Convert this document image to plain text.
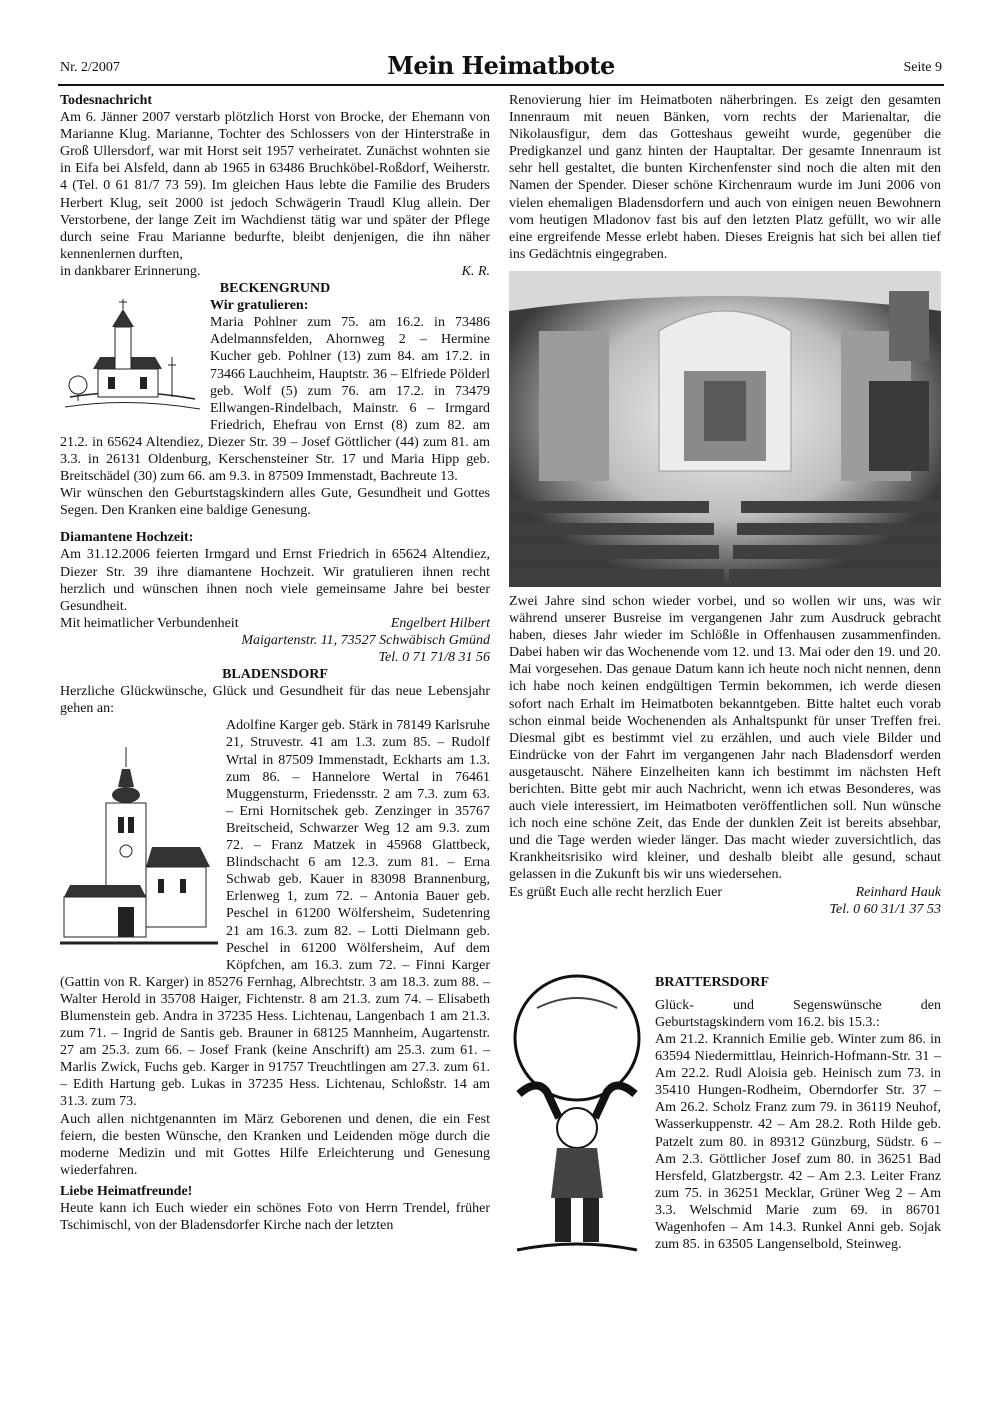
Nr. 2/2007	Mein Heimatbote	Seite 9

Todesnachricht

Am 6. Jänner 2007 verstarb plötzlich Horst von Brocke, der Ehemann von Marianne Klug. Marianne, Tochter des Schlossers von der Hinterstraße in Groß Ullersdorf, war mit Horst seit 1957 verheiratet. Zunächst wohnten sie in Eifa bei Alsfeld, dann ab 1965 in 63486 Bruchköbel-Roßdorf, Weiherstr. 4 (Tel. 0 61 81/7 73 59). Im gleichen Haus lebte die Familie des Bruders Herbert Klug, seit 2000 ist jedoch Schwägerin Traudl Klug allein. Der Verstorbene, der lange Zeit im Wachdienst tätig war und später der Pflege durch seine Frau Marianne bedurfte, bleibt denjenigen, die ihn näher kennenlernen durften,

in dankbarer Erinnerung.	K. R.

BECKENGRUND

Wir gratulieren:

Maria Pohlner zum 75. am 16.2. in 73486 Adelmannsfelden, Ahornweg 2 – Hermine Kucher geb. Pohlner (13) zum 84. am 17.2. in 73466 Lauchheim, Hauptstr. 36 – Elfriede Pölderl geb. Wolf (5) zum 76. am 17.2. in 73479 Ellwangen-Rindelbach, Mainstr. 6 – Irmgard Friedrich, Ehefrau von Ernst (8) zum 82. am 21.2. in 65624 Altendiez, Diezer Str. 39 – Josef Göttlicher (44) zum 81. am 3.3. in 26131 Oldenburg, Kerschensteiner Str. 17 und Maria Hipp geb. Breitschädel (30) zum 66. am 9.3. in 87509 Immenstadt, Bachreute 13.

Wir wünschen den Geburtstagskindern alles Gute, Gesundheit und Gottes Segen. Den Kranken eine baldige Genesung.

Diamantene Hochzeit:

Am 31.12.2006 feierten Irmgard und Ernst Friedrich in 65624 Altendiez, Diezer Str. 39 ihre diamantene Hochzeit. Wir gratulieren ihnen recht herzlich und wünschen ihnen noch viele gemeinsame Jahre bei bester Gesundheit.

Mit heimatlicher Verbundenheit	Engelbert Hilbert

Maigartenstr. 11, 73527 Schwäbisch Gmünd

Tel. 0 71 71/8 31 56

BLADENSDORF

Herzliche Glückwünsche, Glück und Gesundheit für das neue Lebensjahr gehen an:

Adolfine Karger geb. Stärk in 78149 Karlsruhe 21, Struvestr. 41 am 1.3. zum 85. – Rudolf Wrtal in 87509 Immenstadt, Eckharts am 1.3. zum 86. – Hannelore Wertal in 76461 Muggensturm, Friedensstr. 2 am 7.3. zum 63. – Erni Hornitschek geb. Zenzinger in 35767 Breitscheid, Schwarzer Weg 12 am 9.3. zum 72. – Franz Matzek in 45968 Glattbeck, Blindschacht 6 am 12.3. zum 81. – Erna Schwab geb. Kauer in 83098 Brannenburg, Erlenweg 1, zum 72. – Antonia Bauer geb. Peschel in 61200 Wölfersheim, Sudetenring 21 am 16.3. zum 82. – Lotti Dielmann geb. Peschel in 61200 Wölfersheim, Auf dem Köpfchen, am 16.3. zum 72. – Finni Karger (Gattin von R. Karger) in 85276 Fernhag, Albrechtstr. 3 am 18.3. zum 88. – Walter Herold in 35708 Haiger, Fichtenstr. 8 am 21.3. zum 74. – Elisabeth Blumenstein geb. Andra in 37235 Hess. Lichtenau, Langenbach 1 am 21.3. zum 71. – Ingrid de Santis geb. Brauner in 68125 Mannheim, Augartenstr. 27 am 25.3. zum 66. – Josef Frank (keine Anschrift) am 25.3. zum 61. – Marlis Zwick, Fuchs geb. Karger in 91757 Treuchtlingen am 27.3. zum 61. – Edith Hartung geb. Lukas in 37235 Hess. Lichtenau, Schloßstr. 14 am 31.3. zum 73.

Auch allen nichtgenannten im März Geborenen und denen, die ein Fest feiern, die besten Wünsche, den Kranken und Leidenden möge durch die moderne Medizin und mit Gottes Hilfe Erleichterung und Genesung wiederfahren.

Liebe Heimatfreunde!

Heute kann ich Euch wieder ein schönes Foto von Herrn Trendel, früher Tschimischl, von der Bladensdorfer Kirche nach der letzten

Renovierung hier im Heimatboten näherbringen. Es zeigt den gesamten Innenraum mit neuen Bänken, vorn rechts der Marienaltar, die Nikolausfigur, dem das Gotteshaus geweiht wurde, gegenüber die Predigkanzel und ganz hinten der Hauptaltar. Der gesamte Innenraum ist sehr hell gestaltet, die bunten Kirchenfenster sind noch die alten mit den Namen der Spender. Dieser schöne Kirchenraum wurde im Juni 2006 von vielen ehemaligen Bladensdorfern und auch von einigen neuen Bewohnern vom heutigen Mladonov fast bis auf den letzten Platz gefüllt, wo wir alle eine ergreifende Messe erlebt haben. Dieses Ereignis hat sich bei allen tief ins Gedächtnis eingegraben.

Zwei Jahre sind schon wieder vorbei, und so wollen wir uns, was wir während unserer Busreise im vergangenen Jahr zum Ausdruck gebracht haben, dieses Jahr wieder im Schlößle in Offenhausen zusammenfinden. Dabei haben wir das Wochenende vom 12. und 13. Mai oder den 19. und 20. Mai vorgesehen. Das genaue Datum kann ich heute noch nicht nennen, denn ich habe noch keinen endgültigen Termin bekommen, ich werde diesen sofort nach Erhalt im Heimatboten bekanntgeben. Bitte haltet euch vorab schon einmal beide Wochenenden als Anhaltspunkt für unser Treffen frei. Diesmal gibt es bestimmt viel zu erzählen, und auch viele Bilder und Eindrücke von der Fahrt im vergangenen Jahr nach Bladensdorf werden ausgetauscht. Nähere Einzelheiten kann ich bestimmt im nächsten Heft berichten. Bitte gebt mir auch Nachricht, wenn ich etwas Besonderes, was auch viele interessiert, im Heimatboten veröffentlichen soll. Nun wünsche ich noch eine schöne Zeit, das Ende der dunklen Zeit ist bereits absehbar, und die Tage werden wieder länger. Das macht wieder zuversichtlich, das Krankheitsrisiko wird kleiner, und deshalb bleibt alle gesund, schaut gelassen in die Zukunft bis wir uns wiedersehen.

Es grüßt Euch alle recht herzlich Euer	Reinhard Hauk

Tel. 0 60 31/1 37 53

BRATTERSDORF

Glück- und Segenswünsche den Geburtstagskindern vom 16.2. bis 15.3.:

Am 21.2. Krannich Emilie geb. Winter zum 86. in 63594 Niedermittlau, Heinrich-Hofmann-Str. 31 – Am 22.2. Rudl Aloisia geb. Heinisch zum 73. in 35410 Hungen-Rodheim, Oberndorfer Str. 37 – Am 26.2. Scholz Franz zum 79. in 36119 Neuhof, Wasserkuppenstr. 42 – Am 28.2. Roth Hilde geb. Patzelt zum 80. in 89312 Günzburg, Südstr. 6 – Am 2.3. Göttlicher Josef zum 80. in 36251 Bad Hersfeld, Glatzbergstr. 42 – Am 2.3. Leiter Franz zum 75. in 36251 Mecklar, Grüner Weg 2 – Am 3.3. Welschmid Marie zum 69. in 86701 Wagenhofen – Am 14.3. Runkel Anni geb. Sojak zum 85. in 63505 Langenselbold, Steinweg.
